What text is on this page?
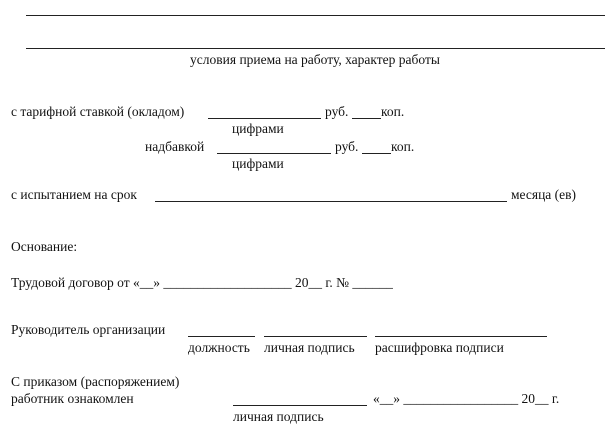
условия приема на работу, характер работы
с тарифной ставкой (окладом)	руб. коп.
цифрами
надбавкой	руб. коп.
цифрами
с испытанием на срок	месяца (ев)
Основание:
Трудовой договор от «__» ___________________ 20__ г. № ______
Руководитель организации
должность личная подпись расшифровка подписи
С приказом (распоряжением)
работник ознакомлен	«__» _________________ 20__ г.
личная подпись
